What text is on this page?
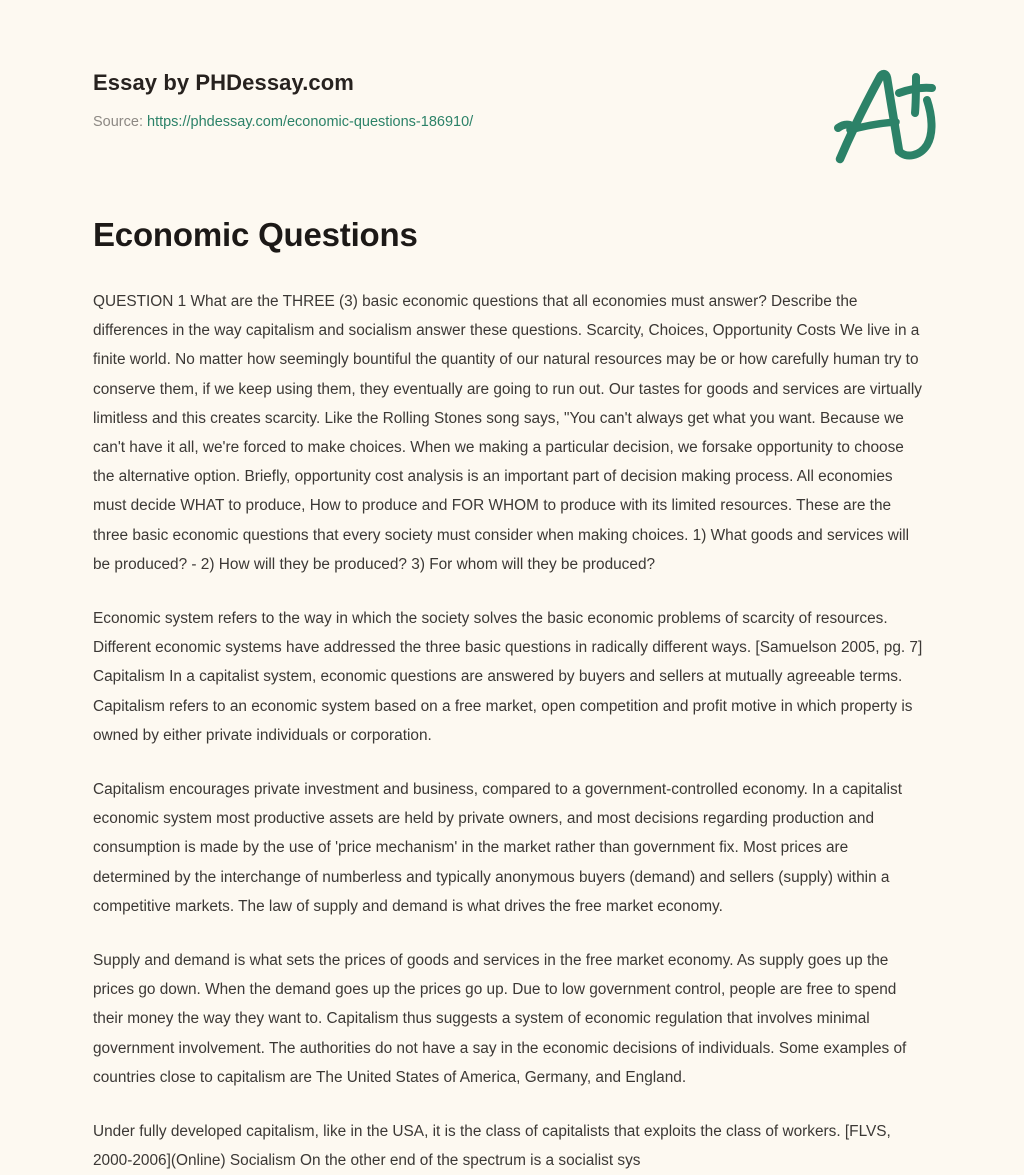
Essay by PHDessay.com
Source: https://phdessay.com/economic-questions-186910/
Economic Questions

QUESTION 1 What are the THREE (3) basic economic questions that all economies must answer? Describe the differences in the way capitalism and socialism answer these questions. Scarcity, Choices, Opportunity Costs We live in a finite world. No matter how seemingly bountiful the quantity of our natural resources may be or how carefully human try to conserve them, if we keep using them, they eventually are going to run out. Our tastes for goods and services are virtually limitless and this creates scarcity. Like the Rolling Stones song says, "You can't always get what you want. Because we can't have it all, we're forced to make choices. When we making a particular decision, we forsake opportunity to choose the alternative option. Briefly, opportunity cost analysis is an important part of decision making process. All economies must decide WHAT to produce, How to produce and FOR WHOM to produce with its limited resources. These are the three basic economic questions that every society must consider when making choices. 1) What goods and services will be produced? - 2) How will they be produced? 3) For whom will they be produced?

Economic system refers to the way in which the society solves the basic economic problems of scarcity of resources. Different economic systems have addressed the three basic questions in radically different ways. [Samuelson 2005, pg. 7] Capitalism In a capitalist system, economic questions are answered by buyers and sellers at mutually agreeable terms. Capitalism refers to an economic system based on a free market, open competition and profit motive in which property is owned by either private individuals or corporation.

Capitalism encourages private investment and business, compared to a government-controlled economy. In a capitalist economic system most productive assets are held by private owners, and most decisions regarding production and consumption is made by the use of 'price mechanism' in the market rather than government fix. Most prices are determined by the interchange of numberless and typically anonymous buyers (demand) and sellers (supply) within a competitive markets. The law of supply and demand is what drives the free market economy.

Supply and demand is what sets the prices of goods and services in the free market economy. As supply goes up the prices go down. When the demand goes up the prices go up. Due to low government control, people are free to spend their money the way they want to. Capitalism thus suggests a system of economic regulation that involves minimal government involvement. The authorities do not have a say in the economic decisions of individuals. Some examples of countries close to capitalism are The United States of America, Germany, and England.

Under fully developed capitalism, like in the USA, it is the class of capitalists that exploits the class of workers. [FLVS, 2000-2006](Online) Socialism On the other end of the spectrum is a socialist sys
